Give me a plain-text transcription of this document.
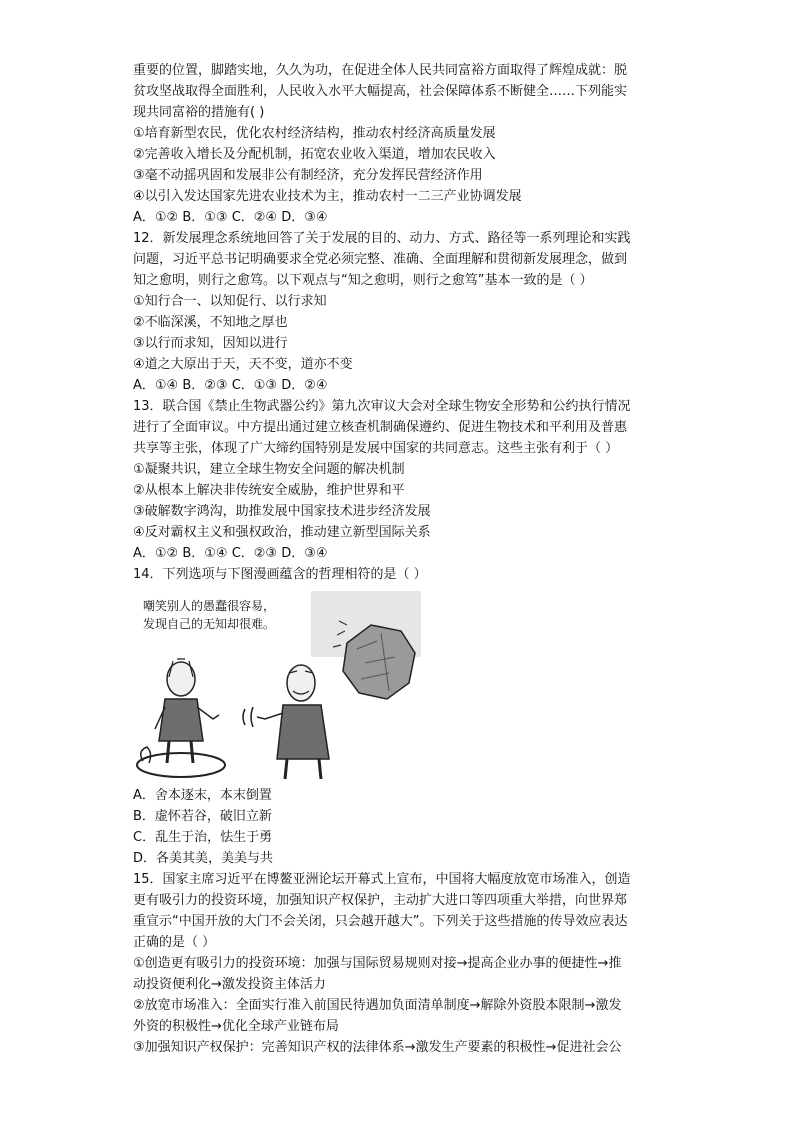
重要的位置，脚踏实地，久久为功，在促进全体人民共同富裕方面取得了辉煌成就：脱

贫攻坚战取得全面胜利，人民收入水平大幅提高，社会保障体系不断健全……下列能实

现共同富裕的措施有( )

①培育新型农民，优化农村经济结构，推动农村经济高质量发展

②完善收入增长及分配机制，拓宽农业收入渠道，增加农民收入

③毫不动摇巩固和发展非公有制经济，充分发挥民营经济作用

④以引入发达国家先进农业技术为主，推动农村一二三产业协调发展

A．①② B．①③ C．②④ D．③④

12．新发展理念系统地回答了关于发展的目的、动力、方式、路径等一系列理论和实践

问题，习近平总书记明确要求全党必须完整、准确、全面理解和贯彻新发展理念，做到

知之愈明，则行之愈笃。以下观点与“知之愈明，则行之愈笃”基本一致的是（ ）

①知行合一、以知促行、以行求知

②不临深溪，不知地之厚也

③以行而求知，因知以进行

④道之大原出于天，天不变，道亦不变

A．①④ B．②③ C．①③ D．②④

13．联合国《禁止生物武器公约》第九次审议大会对全球生物安全形势和公约执行情况

进行了全面审议。中方提出通过建立核查机制确保遵约、促进生物技术和平利用及普惠

共享等主张，体现了广大缔约国特别是发展中国家的共同意志。这些主张有利于（ ）

①凝聚共识，建立全球生物安全问题的解决机制

②从根本上解决非传统安全威胁，维护世界和平

③破解数字鸿沟，助推发展中国家技术进步经济发展

④反对霸权主义和强权政治，推动建立新型国际关系

A．①② B．①④ C．②③ D．③④

14．下列选项与下图漫画蕴含的哲理相符的是（ ）

嘲笑别人的愚蠢很容易，
发现自己的无知却很难。

A．舍本逐末，本末倒置

B．虚怀若谷，破旧立新

C．乱生于治，怯生于勇

D．各美其美，美美与共

15．国家主席习近平在博鳌亚洲论坛开幕式上宣布，中国将大幅度放宽市场准入，创造

更有吸引力的投资环境，加强知识产权保护，主动扩大进口等四项重大举措，向世界郑

重宣示“中国开放的大门不会关闭，只会越开越大”。下列关于这些措施的传导效应表达

正确的是（ ）

①创造更有吸引力的投资环境：加强与国际贸易规则对接→提高企业办事的便捷性→推

动投资便利化→激发投资主体活力

②放宽市场准入：全面实行准入前国民待遇加负面清单制度→解除外资股本限制→激发

外资的积极性→优化全球产业链布局

③加强知识产权保护：完善知识产权的法律体系→激发生产要素的积极性→促进社会公
